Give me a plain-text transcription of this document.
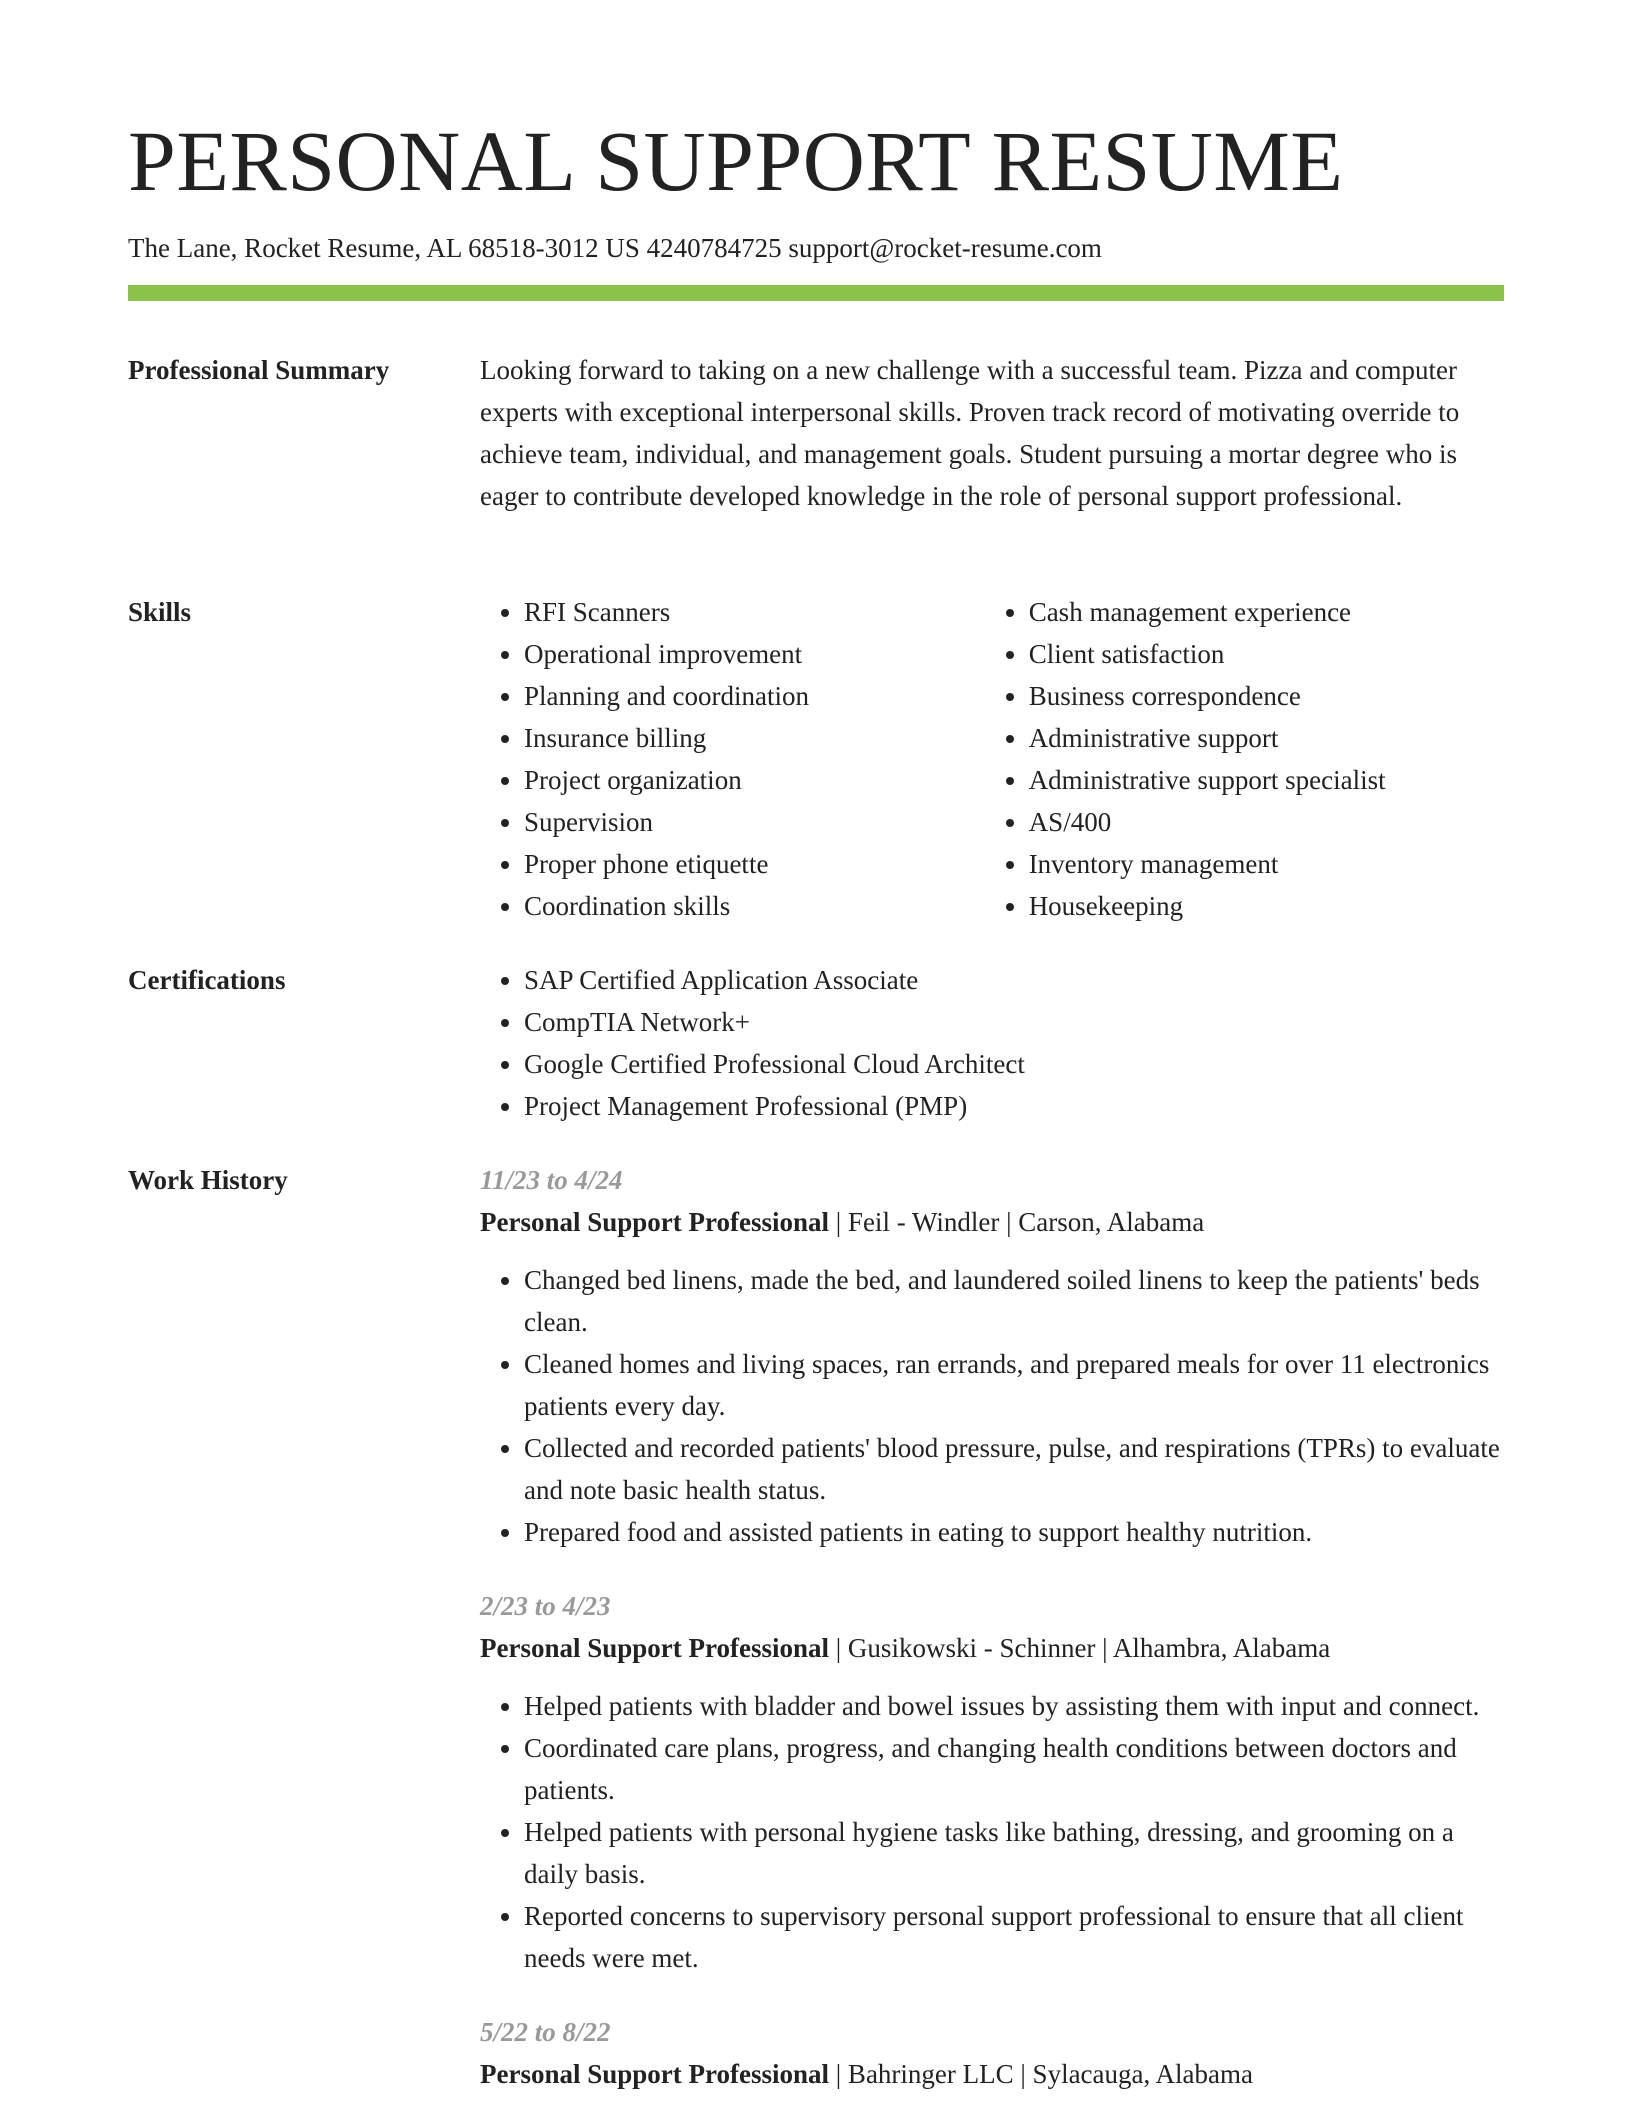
PERSONAL SUPPORT RESUME
The Lane, Rocket Resume, AL 68518-3012 US 4240784725 support@rocket-resume.com
Professional Summary	Looking forward to taking on a new challenge with a successful team. Pizza and computer experts with exceptional interpersonal skills. Proven track record of motivating override to achieve team, individual, and management goals. Student pursuing a mortar degree who is eager to contribute developed knowledge in the role of personal support professional.

Skills	• RFI Scanners
• Operational improvement
• Planning and coordination
• Insurance billing
• Project organization
• Supervision
• Proper phone etiquette
• Coordination skills
• Cash management experience
• Client satisfaction
• Business correspondence
• Administrative support
• Administrative support specialist
• AS/400
• Inventory management
• Housekeeping
Certifications	• SAP Certified Application Associate
• CompTIA Network+
• Google Certified Professional Cloud Architect
• Project Management Professional (PMP)
Work History	11/23 to 4/24
Personal Support Professional | Feil - Windler | Carson, Alabama
• Changed bed linens, made the bed, and laundered soiled linens to keep the patients' beds clean.
• Cleaned homes and living spaces, ran errands, and prepared meals for over 11 electronics patients every day.
• Collected and recorded patients' blood pressure, pulse, and respirations (TPRs) to evaluate and note basic health status.
• Prepared food and assisted patients in eating to support healthy nutrition.
2/23 to 4/23
Personal Support Professional | Gusikowski - Schinner | Alhambra, Alabama
• Helped patients with bladder and bowel issues by assisting them with input and connect.
• Coordinated care plans, progress, and changing health conditions between doctors and patients.
• Helped patients with personal hygiene tasks like bathing, dressing, and grooming on a daily basis.
• Reported concerns to supervisory personal support professional to ensure that all client needs were met.
5/22 to 8/22
Personal Support Professional | Bahringer LLC | Sylacauga, Alabama
